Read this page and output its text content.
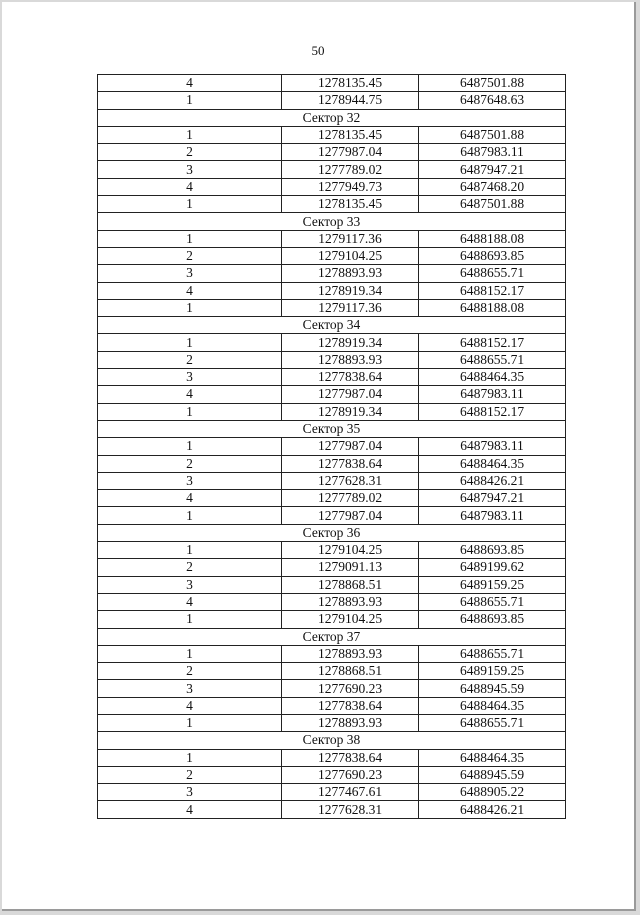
50
4	1278135.45	6487501.88
1	1278944.75	6487648.63
Сектор 32		
1	1278135.45	6487501.88
2	1277987.04	6487983.11
3	1277789.02	6487947.21
4	1277949.73	6487468.20
1	1278135.45	6487501.88
Сектор 33		
1	1279117.36	6488188.08
2	1279104.25	6488693.85
3	1278893.93	6488655.71
4	1278919.34	6488152.17
1	1279117.36	6488188.08
Сектор 34		
1	1278919.34	6488152.17
2	1278893.93	6488655.71
3	1277838.64	6488464.35
4	1277987.04	6487983.11
1	1278919.34	6488152.17
Сектор 35		
1	1277987.04	6487983.11
2	1277838.64	6488464.35
3	1277628.31	6488426.21
4	1277789.02	6487947.21
1	1277987.04	6487983.11
Сектор 36		
1	1279104.25	6488693.85
2	1279091.13	6489199.62
3	1278868.51	6489159.25
4	1278893.93	6488655.71
1	1279104.25	6488693.85
Сектор 37		
1	1278893.93	6488655.71
2	1278868.51	6489159.25
3	1277690.23	6488945.59
4	1277838.64	6488464.35
1	1278893.93	6488655.71
Сектор 38		
1	1277838.64	6488464.35
2	1277690.23	6488945.59
3	1277467.61	6488905.22
4	1277628.31	6488426.21
